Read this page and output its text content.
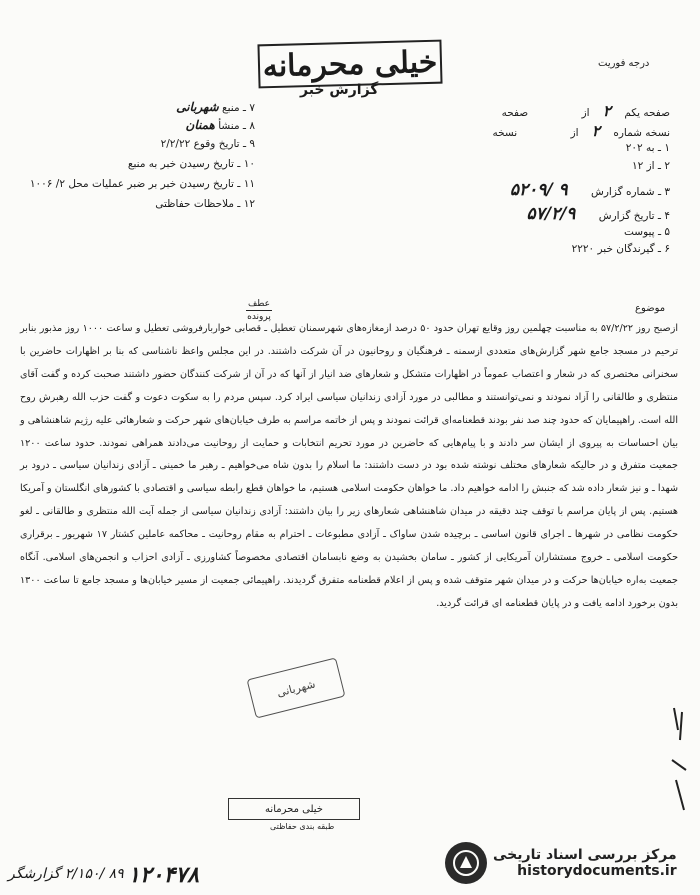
درجه فوریت
خیلی محرمانه
گزارش خبر
۷ ـ منبع شهربانی
۸ ـ منشأ همنان
۹ ـ تاریخ وقوع ۲/۲/۲۲
۱۰ ـ تاریخ رسیدن خبر به منبع
۱۱ ـ تاریخ رسیدن خبر بر ضبر عملیات محل ۲/ ۱۰۰۶
۱۲ ـ ملاحظات حفاظتی
صفحه یکم ۲ از صفحه
نسخه شماره ۲ از نسخه
۱ ـ به ۲۰۲
۲ ـ از ۱۲
۳ ـ شماره گزارش ۹ /۵۲۰۹
۴ ـ تاریخ گزارش ۵۷/۲/۹
۵ ـ پیوست
۶ ـ گیرندگان خبر ۲۲۲۰
موضوع
عطف
پرونده
ازصبح روز ۵۷/۲/۲۲ به مناسبت چهلمین روز وقایع تهران حدود ۵۰ درصد ازمغازه‌های شهرسمنان تعطیل ـ قصابی خواربارفروشی تعطیل و ساعت ۱۰۰۰ روز مذبور بنابر ترحیم در مسجد جامع شهر گزارش‌های متعددی ازسمنه ـ فرهنگیان و روحانیون در آن شرکت داشتند. در این مجلس واعظ ناشناسی که بنا بر اظهارات حاضرین با سخنرانی مختصری که در شعار و اعتصاب عموماً در اظهارات متشکل و شعارهای ضد انیار از آنها که در آن از شرکت کنندگان حضور داشتند صحبت کرده و گفت آقای منتظری و طالقانی را آزاد نمودند و نمی‌توانستند و مطالبی در مورد آزادی زندانیان سیاسی ایراد کرد. سپس مردم را به سکوت دعوت و گفت حزب الله رهبرش روح الله است. راهپیمایان که حدود چند صد نفر بودند قطعنامه‌ای قرائت نمودند و پس از خاتمه مراسم به طرف خیابان‌های شهر حرکت و شعارهائی علیه رژیم شاهنشاهی و بیان احساسات به پیروی از ایشان سر دادند و با پیام‌هایی که حاضرین در مورد تحریم انتخابات و حمایت از روحانیت می‌دادند همراهی نمودند. حدود ساعت ۱۲۰۰ جمعیت متفرق و در حالیکه شعارهای مختلف نوشته شده بود در دست داشتند: ما اسلام را بدون شاه می‌خواهیم ـ رهبر ما خمینی ـ آزادی زندانیان سیاسی ـ درود بر شهدا ـ و نیز شعار داده شد که جنبش را ادامه خواهیم داد. ما خواهان حکومت اسلامی هستیم، ما خواهان قطع رابطه سیاسی و اقتصادی با کشورهای انگلستان و آمریکا هستیم. پس از پایان مراسم با توقف چند دقیقه در میدان شاهنشاهی شعارهای زیر را بیان داشتند: آزادی زندانیان سیاسی از جمله آیت الله منتظری و طالقانی ـ لغو حکومت نظامی در شهرها ـ اجرای قانون اساسی ـ برچیده شدن ساواک ـ آزادی مطبوعات ـ احترام به مقام روحانیت ـ محاکمه عاملین کشتار ۱۷ شهریور ـ برقراری حکومت اسلامی ـ خروج مستشاران آمریکایی از کشور ـ سامان بخشیدن به وضع نابسامان اقتصادی مخصوصاً کشاورزی ـ آزادی احزاب و انجمن‌های اسلامی. آنگاه جمعیت به‌اره خیابان‌ها حرکت و در میدان شهر متوقف شده و پس از اعلام قطعنامه متفرق گردیدند. راهپیمائی جمعیت از مسیر خیابان‌ها و مسجد جامع تا ساعت ۱۳۰۰ بدون برخورد ادامه یافت و در پایان قطعنامه ای قرائت گردید.
شهربانی
خیلی محرمانه
طبقه بندی حفاظتی
۸۹ /۲/۱۵۰ گزارشگر ۱۲۰۴۷۸
مرکز بررسی اسناد تاریخی
historydocuments.ir
